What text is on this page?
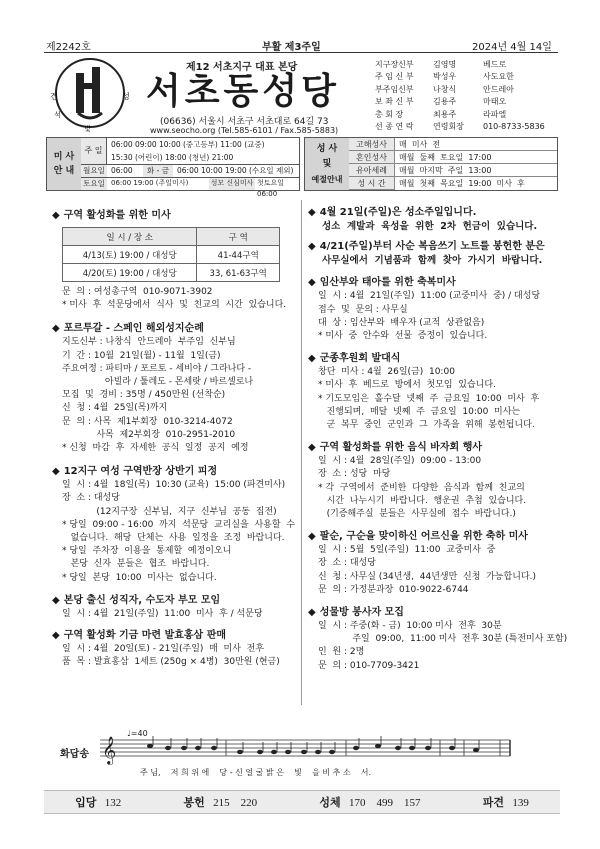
제2242호	부활 제3주일	2024년 4월 14일
견	성
석
빛
제12 서초지구 대표 본당
서초동성당
(06636) 서울시 서초구 서초대로 64길 73
www.seocho.org (Tel.585-6101 / Fax.585-5883)
지구장신부	김영명	베드로
주 임 신 부	박성우	사도요한
부주임신부	나창식	안드레아
보 좌 신 부	김용주	마태오
총 회 장	최용주	라파엘
선 종 연 락	연령회장	010-8733-5836
미 사
안 내
주 일
06:00 09:00 10:00 (중고등부) 11:00 (교중)
15:30 (어린이) 18:00 (청년) 21:00
월요일 06:00	화 - 금	06:00 10:00 19:00 (수요일 제외)
토요일 06:00 19:00 (주일미사)	성모 신심미사 첫토요일 06:00
성 사
및
예절안내
고해성사	매  미사  전
혼인성사	매월  둘째  토요일  17:00
유아세례	매월  마지막  주일  13:00
성 시 간	매월  첫째  목요일  19:00  미사  후
◆ 구역 활성화를 위한 미사
일 시 / 장 소	구 역
4/13(토) 19:00 / 대성당	41-44구역
4/20(토) 19:00 / 대성당	33, 61-63구역
문  의 : 여성총구역  010-9071-3902
* 미사  후  석문당에서  식사  및  친교의  시간  있습니다.
◆ 포르투갈 - 스페인 해외성지순례
지도신부 : 나창식  안드레아  부주임  신부님
기  간 : 10월  21일(월) - 11월  1일(금)
주요여정 : 파티마 / 포르토 - 세비야 / 그라나다 -
아빌라 / 툴레도 - 몬세랏 / 바르셀로나
모집  및  경비 : 35명 / 450만원 (선착순)
신  청 : 4월  25일(목)까지
문  의 : 사목  제1부회장  010-3214-4072
사목  제2부회장  010-2951-2010
* 신청  마감  후  자세한  공식  일정  공지  예정
◆ 12지구 여성 구역반장 상반기 피정
일  시 : 4월  18일(목)  10:30 (교육)  15:00 (파견미사)
장  소 : 대성당
(12지구장  신부님,  지구  신부님  공동  집전)
* 당일  09:00 - 16:00  까지  석문당  교리실을  사용할  수
없습니다.  해당  단체는  사용  일정을  조정  바랍니다.
* 당일  주차장  이용을  통제할  예정이오니
본당  신자  분들은  협조  바랍니다.
* 당일  본당  10:00  미사는  없습니다.
◆ 본당 출신 성직자, 수도자 부모 모임
일  시 : 4월  21일(주일)  11:00  미사  후 / 석문당
◆ 구역 활성화 기금 마련 발효홍삼 판매
일  시 : 4월  20일(토) - 21일(주일)  매  미사  전후
품  목 : 발효홍삼  1세트 (250g × 4병)  30만원 (현금)
◆ 4월 21일(주일)은 성소주일입니다.
성소  계발과  육성을  위한  2차  헌금이  있습니다.
◆ 4/21(주일)부터 사순 복음쓰기 노트를 봉헌한 분은
사무실에서  기념품과  함께  찾아  가시기  바랍니다.
◆ 임산부와 태아를 위한 축복미사
일  시 : 4월  21일(주일)  11:00 (교중미사  중) / 대성당
접수  및  문의 : 사무실
대  상 : 임산부와  배우자 (교적  상관없음)
* 미사  중  안수와  선물  증정이  있습니다.
◆ 군종후원회 발대식
창단  미사 : 4월  26일(금)  10:00
* 미사  후  베드로  방에서  첫모임  있습니다.
* 기도모임은  홀수달  넷째  주  금요일  10:00  미사  후
진행되며,  매달  넷째  주  금요일  10:00  미사는
군  복무  중인  군인과  그  가족을  위해  봉헌됩니다.
◆ 구역 활성화를 위한 음식 바자회 행사
일  시 : 4월  28일(주일)  09:00 - 13:00
장  소 : 성당  마당
* 각  구역에서  준비한  다양한  음식과  함께  친교의
시간  나누시기  바랍니다.  행운권  추첨  있습니다.
(기증해주실  분들은  사무실에  접수  바랍니다.)
◆ 팔순, 구순을 맞이하신 어르신을 위한 축하 미사
일  시 : 5월  5일(주일)  11:00  교중미사  중
장  소 : 대성당
신  청 : 사무실 (34년생,  44년생만  신청  가능합니다.)
문  의 : 가정분과장  010-9022-6744
◆ 성물방 봉사자 모집
일  시 : 주중(화 - 금)  10:00 미사  전후  30분
주일  09:00,  11:00 미사  전후 30분 (특전미사 포함)
인  원 : 2명
문  의 : 010-7709-3421
화답송
♩=40
𝄞
주 님,    저 희 위 에    당 - 신 얼 굴 밝 은    빛    을 비 추 소    서.
입당 132	봉헌 215    220	성체 170    499    157	파견 139
